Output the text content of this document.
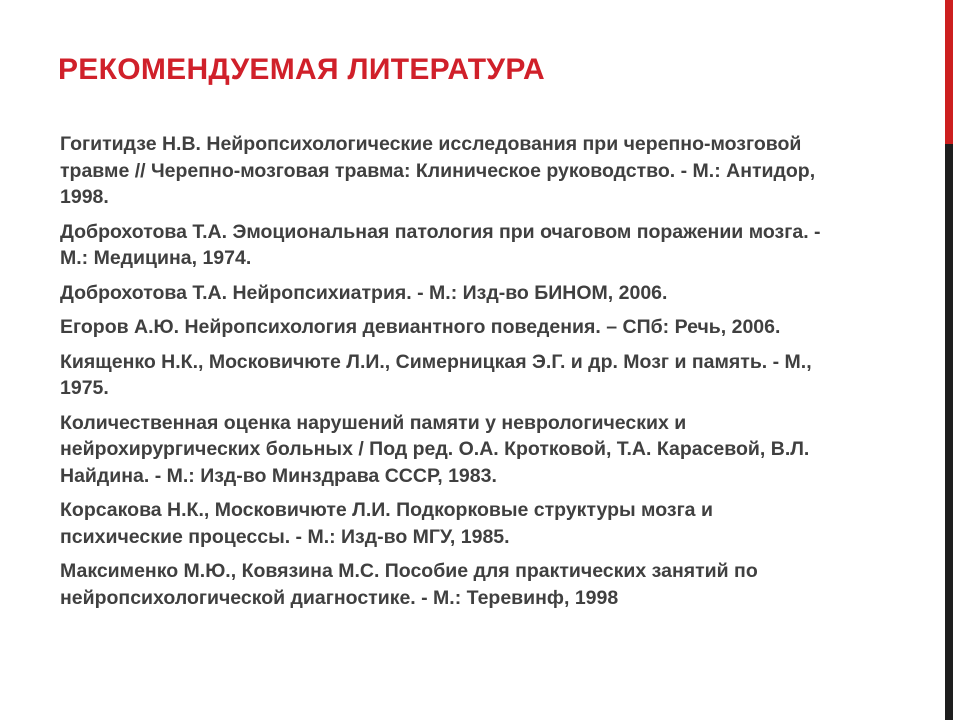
РЕКОМЕНДУЕМАЯ ЛИТЕРАТУРА
Гогитидзе Н.В. Нейропсихологические исследования при черепно-мозговой травме // Черепно-мозговая травма: Клиническое руководство. - М.: Антидор, 1998.
Доброхотова Т.А. Эмоциональная патология при очаговом поражении мозга. - М.: Медицина, 1974.
Доброхотова Т.А. Нейропсихиатрия. - М.: Изд-во БИНОМ, 2006.
Егоров А.Ю. Нейропсихология девиантного поведения. – СПб: Речь, 2006.
Киященко Н.К., Московичюте Л.И., Симерницкая Э.Г. и др. Мозг и память. - М., 1975.
Количественная оценка нарушений памяти у неврологических и нейрохирургических больных / Под ред. О.А. Кротковой, Т.А. Карасевой, В.Л. Найдина. - М.: Изд-во Минздрава СССР, 1983.
Корсакова Н.К., Московичюте Л.И. Подкорковые структуры мозга и психические процессы. - М.: Изд-во МГУ, 1985.
Максименко М.Ю., Ковязина М.С. Пособие для практических занятий по нейропсихологической диагностике. - М.: Теревинф, 1998
